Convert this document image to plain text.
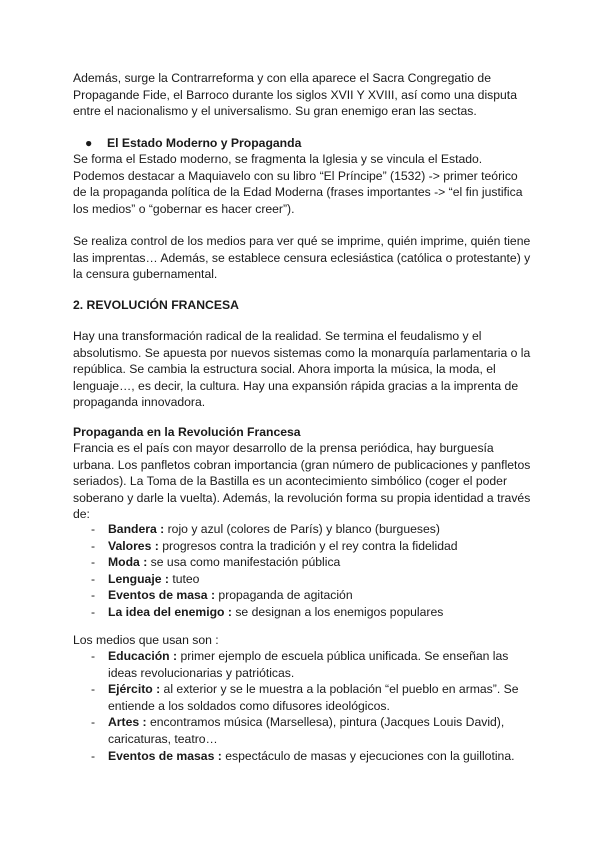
Además, surge la Contrarreforma y con ella aparece el Sacra Congregatio de Propagande Fide, el Barroco durante los siglos XVII Y XVIII, así como una disputa entre el nacionalismo y el universalismo. Su gran enemigo eran las sectas.

● El Estado Moderno y Propaganda

Se forma el Estado moderno, se fragmenta la Iglesia y se vincula el Estado. Podemos destacar a Maquiavelo con su libro “El Príncipe” (1532) -> primer teórico de la propaganda política de la Edad Moderna (frases importantes -> “el fin justifica los medios” o “gobernar es hacer creer”).

Se realiza control de los medios para ver qué se imprime, quién imprime, quién tiene las imprentas… Además, se establece censura eclesiástica (católica o protestante) y la censura gubernamental.

2. REVOLUCIÓN FRANCESA

Hay una transformación radical de la realidad. Se termina el feudalismo y el absolutismo. Se apuesta por nuevos sistemas como la monarquía parlamentaria o la república. Se cambia la estructura social. Ahora importa la música, la moda, el lenguaje…, es decir, la cultura. Hay una expansión rápida gracias a la imprenta de propaganda innovadora.

Propaganda en la Revolución Francesa

Francia es el país con mayor desarrollo de la prensa periódica, hay burguesía urbana. Los panfletos cobran importancia (gran número de publicaciones y panfletos seriados). La Toma de la Bastilla es un acontecimiento simbólico (coger el poder soberano y darle la vuelta). Además, la revolución forma su propia identidad a través de:

- Bandera : rojo y azul (colores de París) y blanco (burgueses)
- Valores : progresos contra la tradición y el rey contra la fidelidad
- Moda : se usa como manifestación pública
- Lenguaje : tuteo
- Eventos de masa : propaganda de agitación
- La idea del enemigo : se designan a los enemigos populares

Los medios que usan son :

- Educación : primer ejemplo de escuela pública unificada. Se enseñan las ideas revolucionarias y patrióticas.
- Ejército : al exterior y se le muestra a la población “el pueblo en armas”. Se entiende a los soldados como difusores ideológicos.
- Artes : encontramos música (Marsellesa), pintura (Jacques Louis David), caricaturas, teatro…
- Eventos de masas : espectáculo de masas y ejecuciones con la guillotina.
